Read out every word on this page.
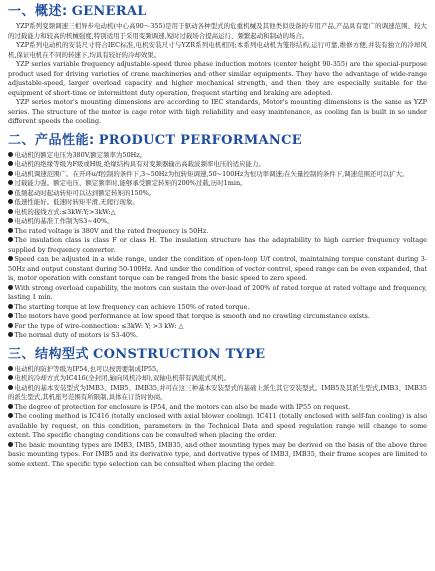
一、 概述: GENERAL

YZP系列变频调速三相异步电动机(中心高90～355)是用于驱动各种型式的危重机械及其他类似设备的专用产品,产品具有宽广的调速范围、较大的过载能力和较高的机械强度,特别适用于采用变频调速,短时过载场合提高运行、频繁起动和制动的场合。

YZP系列电动机的安装尺寸符合IEC标准,电机安装尺寸与YZR系列电机相同;本系列电动机为笼形结构,运行可靠,维修方便,并装有独立的冷却风机,保证电机在不同的转速下,均具有较好的冷却效果。

YZP series variable frequency adjustable-speed three phase induction motors (center height 90-355) are the special-purpose product used for driving varieties of crane machineries and other similar equipments. They have the advantage of wide-range adjustable-speed, larger overload capacity and higher mechanical strength, and then they are especially suitable for the equipment of short-time or intermittent duty operation, frequent starting and braking are adopted.

YZP series motor's mounting dimensions are according to IEC standards, Motor's mounting dimensions is the same as YZP series. The structure of the motor is cage rotor with high reliability and easy maintenance, as cooling fan is built in so under different speeds the cooling.

二、 产品性能: PRODUCT PERFORMANCE

电动机的额定电压为380V,额定频率为50Hz。

电动机的绝缘等级为F级或H级,绝缘结构具有对变频器输出高载波频率电压的适应能力。

电动机调速范围广。在开环u/f控制的条件下,3~50Hz为恒转矩调速,50~100Hz为恒功率调速;在矢量控制的条件下,调速范围还可以扩大。

过载能力强。额定电压、额定频率时,能够承受额定转矩的200%过载,历时1min。

低频起动时起动转矩可以达到额定转矩的150%。

低速性能好。低速时转矩平滑,无爬行现象。

电机的接线方式:≤3kW:Y;>3kW:△

电动机的基准工作制为S3~40%。

The rated voltage is 380V and the rated frequency is 50Hz.

The insulation class is class F or class H. The insulation structure has the adaptability to high carrier frequency voltage supplied by frequency converter.

Speed can be adjusted in a wide range, under the condition of open-loop U/f control, maintaining torque constant during 3-50Hz and output constant during 50-100Hz. And under the condition of vector control, speed range can be even expanded, that is, motor operation with constant torque can be ranged from the basic speed to zero speed.

With strong overload capability, the motors can sustain the over-load of 200% of rated torque at rated voltage and frequency, lasting 1 min.

The starting torque at low frequency can achieve 150% of rated torque.

The motors have good performance at low speed that torque is smooth and no crawling circumstance exists.

For the type of wire-connection: ≤3kW: Y; >3 kW: △

The normal duty of motors is S3-40%.

三、 结构型式 CONSTRUCTION TYPE

电动机的防护等级为IP54,也可以按需要制成IP55。

电机的冷却方式为IC416(全封闭,轴向风机冷却),双轴电机带有涡流式风机。

电动机的基本安装型式为IMB3、IMB5、IMB35,并可在这三种基本安装型式的基础上派生其它安装型式。IMB5及其派生型式,IMB3、IMB35的派生型式,其机座号范围有所限制,具体在订货时协商。

The degree of protection for enclosure is IP54, and the motors can also be made with IP55 on request.

The cooling method is IC416 (totally enclosed with axial blower cooling). IC411 (totally enclosed with self-fan cooling) is also available by request, on this condition, parameters in the Technical Data and speed regulation range will change to some extent. The specific changing conditions can be consulted when placing the order.

The basic mounting types are IMB3, IMB5, IMB35, and other mounting types may be derived on the basis of the above three basic mounting types. For IMB5 and its derivative type, and derivative types of IMB3, IMB35, their frame scopes are limited to some extent. The specific type selection can be consulted when placing the order.
